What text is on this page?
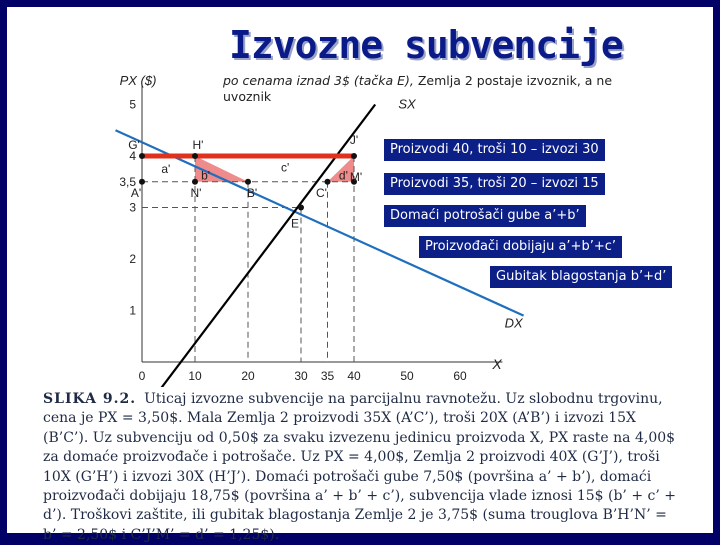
1
2
3
3,5
4
5
0	10	20	30 35 40	50	60
PX ($)
X
DX
SX
G'	H'	J'
A'	N'	B'	C'
M'
E
a'	b'
c'
d'
Izvozne subvencije
po cenama iznad 3$ (tačka E), Zemlja 2 postaje izvoznik, a ne uvoznik
Proizvodi 40, troši 10 – izvozi 30
Proizvodi 35, troši 20 – izvozi 15
Domaći potrošači gube a’+b’
Proizvođači dobijaju a’+b’+c’
Gubitak blagostanja b’+d’
SLIKA 9.2. Uticaj izvozne subvencije na parcijalnu ravnotežu. Uz slobodnu trgovinu, cena je PX = 3,50$. Mala Zemlja 2 proizvodi 35X (A’C’), troši 20X (A’B’) i izvozi 15X (B’C’). Uz subvenciju od 0,50$ za svaku izvezenu jedinicu proizvoda X, PX raste na 4,00$ za domaće proizvođače i potrošače. Uz PX = 4,00$, Zemlja 2 proizvodi 40X (G’J’), troši 10X (G’H’) i izvozi 30X (H’J’). Domaći potrošači gube 7,50$ (površina a’ + b’), domaći proizvođači dobijaju 18,75$ (površina a’ + b’ + c’), subvencija vlade iznosi 15$ (b’ + c’ + d’). Troškovi zaštite, ili gubitak blagostanja Zemlje 2 je 3,75$ (suma trouglova B’H’N’ = b’ = 2,50$ i C’J’M’ = d’ = 1,25$).
